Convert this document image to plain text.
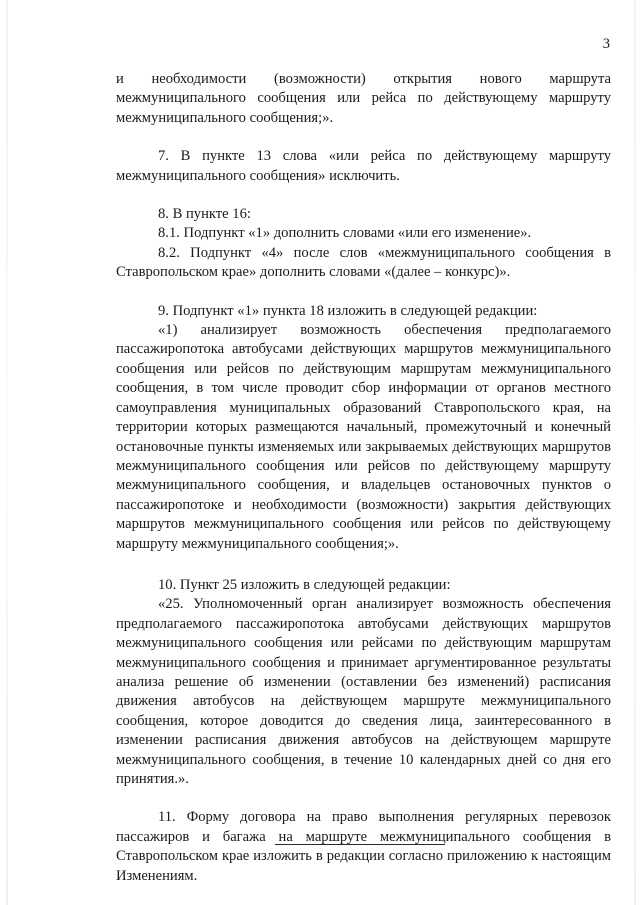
3

и необходимости (возможности) открытия нового маршрута межмуниципального сообщения или рейса по действующему маршруту межмуниципального сообщения;».

7. В пункте 13 слова «или рейса по действующему маршруту межмуниципального сообщения» исключить.

8. В пункте 16:

8.1. Подпункт «1» дополнить словами «или его изменение».

8.2. Подпункт «4» после слов «межмуниципального сообщения в Ставропольском крае» дополнить словами «(далее – конкурс)».

9. Подпункт «1» пункта 18 изложить в следующей редакции:

«1) анализирует возможность обеспечения предполагаемого пассажиропотока автобусами действующих маршрутов межмуниципального сообщения или рейсов по действующим маршрутам межмуниципального сообщения, в том числе проводит сбор информации от органов местного самоуправления муниципальных образований Ставропольского края, на территории которых размещаются начальный, промежуточный и конечный остановочные пункты изменяемых или закрываемых действующих маршрутов межмуниципального сообщения или рейсов по действующему маршруту межмуниципального сообщения, и владельцев остановочных пунктов о пассажиропотоке и необходимости (возможности) закрытия действующих маршрутов межмуниципального сообщения или рейсов по действующему маршруту межмуниципального сообщения;».

10. Пункт 25 изложить в следующей редакции:

«25. Уполномоченный орган анализирует возможность обеспечения предполагаемого пассажиропотока автобусами действующих маршрутов межмуниципального сообщения или рейсами по действующим маршрутам межмуниципального сообщения и принимает аргументированное результаты анализа решение об изменении (оставлении без изменений) расписания движения автобусов на действующем маршруте межмуниципального сообщения, которое доводится до сведения лица, заинтересованного в изменении расписания движения автобусов на действующем маршруте межмуниципального сообщения, в течение 10 календарных дней со дня его принятия.».

11. Форму договора на право выполнения регулярных перевозок пассажиров и багажа на маршруте межмуниципального сообщения в Ставропольском крае изложить в редакции согласно приложению к настоящим Изменениям.
